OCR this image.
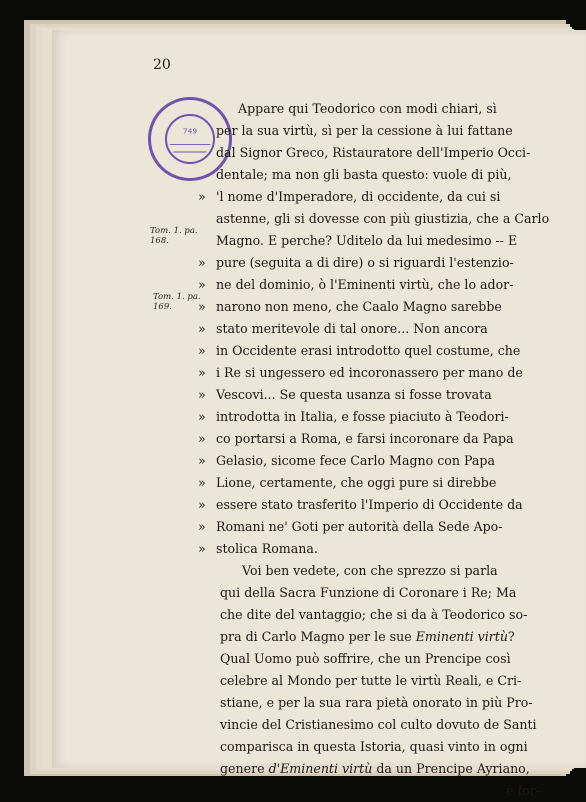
20
749
Tom. 1. pa. 168.
Tom. 1. pa. 169.
Appare qui Teodorico con modi chiari, sì
per la sua virtù, sì per la cessione à lui fattane
dal Signor Greco, Ristauratore dell'Imperio Occi-
dentale; ma non gli basta questo: vuole di più,
» 'l nome d'Imperadore, di occidente, da cui si
astenne, gli si dovesse con più giustizia, che a Carlo
Magno. E perche? Uditelo da lui medesimo -- E
» pure (seguita a di dire) o si riguardi l'estenzio-
» ne del dominio, ò l'Eminenti virtù, che lo ador-
» narono non meno, che Caalo Magno sarebbe
» stato meritevole di tal onore... Non ancora
» in Occidente erasi introdotto quel costume, che
» i Re si ungessero ed incoronassero per mano de
» Vescovi... Se questa usanza si fosse trovata
» introdotta in Italia, e fosse piaciuto à Teodori-
» co portarsi a Roma, e farsi incoronare da Papa
» Gelasio, sicome fece Carlo Magno con Papa
» Lione, certamente, che oggi pure si direbbe
» essere stato trasferito l'Imperio di Occidente da
» Romani ne' Goti per autorità della Sede Apo-
» stolica Romana.
Voi ben vedete, con che sprezzo si parla
qui della Sacra Funzione di Coronare i Re; Ma
che dite del vantaggio; che si da à Teodorico so-
pra di Carlo Magno per le sue Eminenti virtù?
Qual Uomo può soffrire, che un Prencipe così
celebre al Mondo per tutte le virtù Reali, e Cri-
stiane, e per la sua rara pietà onorato in più Pro-
vincie del Cristianesimo col culto dovuto de Santi
comparisca in questa Istoria, quasi vinto in ogni
genere d'Eminenti virtù da un Prencipe Ayriano,
e for-
